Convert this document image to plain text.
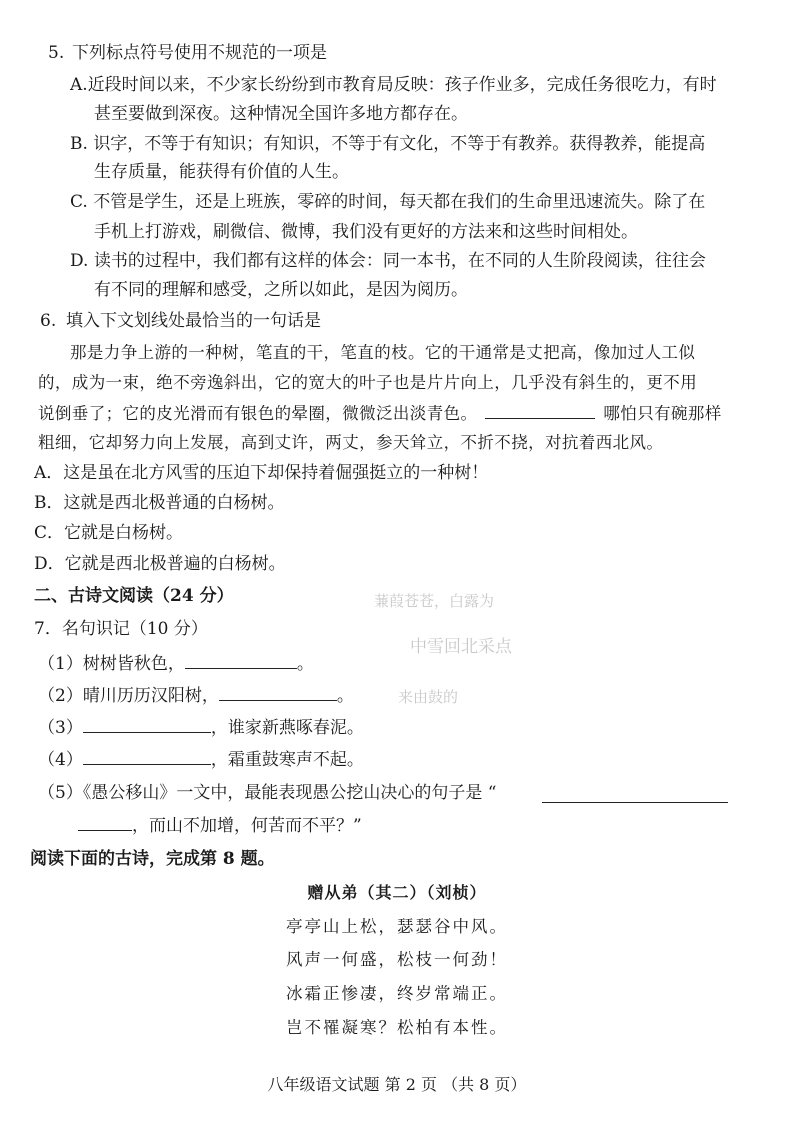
5. 下列标点符号使用不规范的一项是
A.近段时间以来，不少家长纷纷到市教育局反映：孩子作业多，完成任务很吃力，有时
甚至要做到深夜。这种情况全国许多地方都存在。
B. 识字，不等于有知识；有知识，不等于有文化，不等于有教养。获得教养，能提高
生存质量，能获得有价值的人生。
C. 不管是学生，还是上班族，零碎的时间，每天都在我们的生命里迅速流失。除了在
手机上打游戏，刷微信、微博，我们没有更好的方法来和这些时间相处。
D. 读书的过程中，我们都有这样的体会：同一本书，在不同的人生阶段阅读，往往会
有不同的理解和感受，之所以如此，是因为阅历。
6. 填入下文划线处最恰当的一句话是
那是力争上游的一种树，笔直的干，笔直的枝。它的干通常是丈把高，像加过人工似
的，成为一束，绝不旁逸斜出，它的宽大的叶子也是片片向上，几乎没有斜生的，更不用
说倒垂了；它的皮光滑而有银色的晕圈，微微泛出淡青色。	哪怕只有碗那样
粗细，它却努力向上发展，高到丈许，两丈，参天耸立，不折不挠，对抗着西北风。
A．这是虽在北方风雪的压迫下却保持着倔强挺立的一种树！
B．这就是西北极普通的白杨树。
C．它就是白杨树。
D．它就是西北极普遍的白杨树。
二、古诗文阅读（24 分）	蒹葭苍苍，白露为
中雪回北采点
来由鼓的
7．名句识记（10 分）
（1）树树皆秋色，	。
（2）晴川历历汉阳树，	。
（3）	，谁家新燕啄春泥。
（4）	，霜重鼓寒声不起。
（5）《愚公移山》一文中，最能表现愚公挖山决心的句子是 “
，而山不加增，何苦而不平？”
阅读下面的古诗，完成第 8 题。
赠从弟（其二）（刘桢）
亭亭山上松，瑟瑟谷中风。
风声一何盛，松枝一何劲！
冰霜正惨凄，终岁常端正。
岂不罹凝寒？松柏有本性。
八年级语文试题 第 2 页 （共 8 页）
